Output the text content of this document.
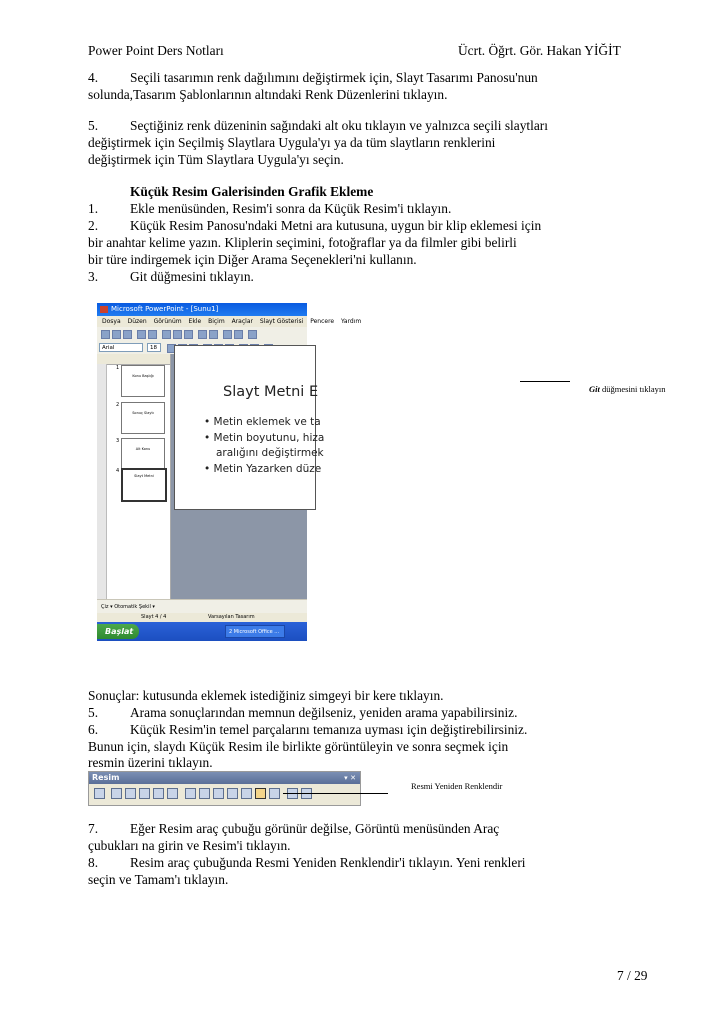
Power Point Ders Notları	Ücrt. Öğrt. Gör. Hakan YİĞİT
4. Seçili tasarımın renk dağılımını değiştirmek için, Slayt Tasarımı Panosu'nun
solunda,Tasarım Şablonlarının altındaki Renk Düzenlerini tıklayın.
5. Seçtiğiniz renk düzeninin sağındaki alt oku tıklayın ve yalnızca seçili slaytları
değiştirmek için Seçilmiş Slaytlara Uygula'yı ya da tüm slaytların renklerini
değiştirmek için Tüm Slaytlara Uygula'yı seçin.
Küçük Resim Galerisinden Grafik Ekleme
1. Ekle menüsünden, Resim'i sonra da Küçük Resim'i tıklayın.
2. Küçük Resim Panosu'ndaki Metni ara kutusuna, uygun bir klip eklemesi için
bir anahtar kelime yazın. Kliplerin seçimini, fotoğraflar ya da filmler gibi belirli
bir türe indirgemek için Diğer Arama Seçenekleri'ni kullanın.
3. Git düğmesini tıklayın.
Microsoft PowerPoint - [Sunu1]
Dosya Düzen Görünüm Ekle Biçim Araçlar Slayt Gösterisi Pencere Yardım
Arial	18
1
Konu Başlığı
2
Sonuç Slaytı
3
Alt Konu
4
Slayt Metni
Slayt Metni E
• Metin eklemek ve ta
• Metin boyutunu, hiza
aralığını değiştirmek
• Metin Yazarken düze
Çiz ▾ Otomatik Şekil ▾
Slayt 4 / 4	Varsayılan Tasarım
Başlat	2 Microsoft Office ...
Git düğmesini tıklayın
Sonuçlar: kutusunda eklemek istediğiniz simgeyi bir kere tıklayın.
5. Arama sonuçlarından memnun değilseniz, yeniden arama yapabilirsiniz.
6. Küçük Resim'in temel parçalarını temanıza uyması için değiştirebilirsiniz.
Bunun için, slaydı Küçük Resim ile birlikte görüntüleyin ve sonra seçmek için
resmin üzerini tıklayın.
Resim	▾ ✕
Resmi Yeniden Renklendir
7. Eğer Resim araç çubuğu görünür değilse, Görüntü menüsünden Araç
çubukları na girin ve Resim'i tıklayın.
8. Resim araç çubuğunda Resmi Yeniden Renklendir'i tıklayın. Yeni renkleri
seçin ve Tamam'ı tıklayın.
7 / 29
